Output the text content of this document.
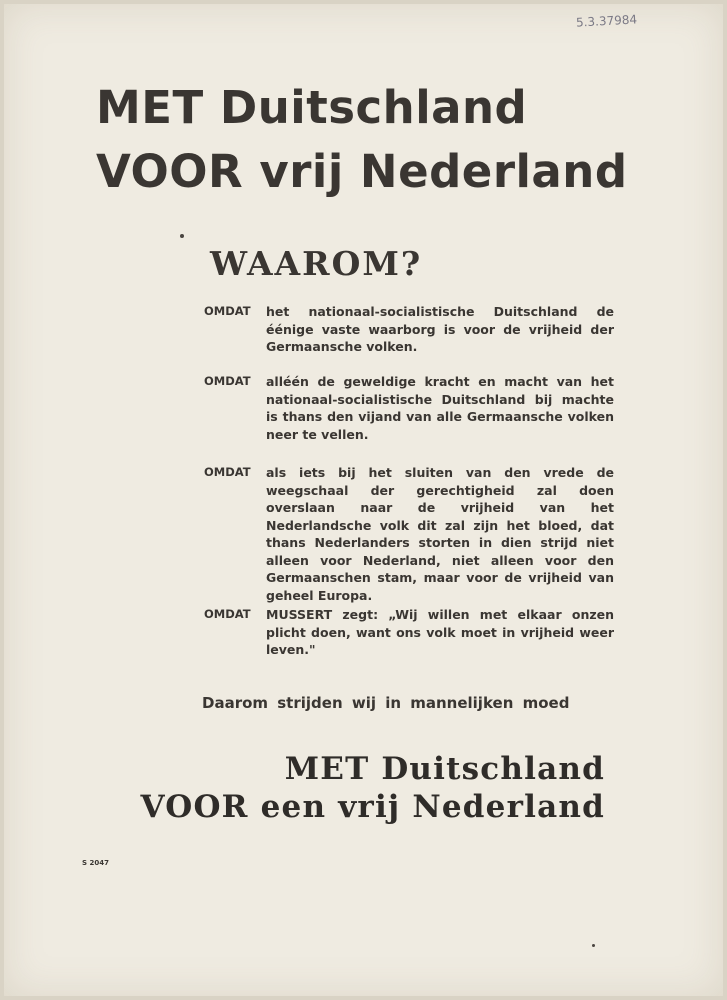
5.3.37984
MET Duitschland
VOOR vrij Nederland
WAAROM?
OMDAT het nationaal-socialistische Duitschland de éénige vaste waarborg is voor de vrijheid der Germaansche volken.
OMDAT alléén de geweldige kracht en macht van het nationaal-socialistische Duitschland bij machte is thans den vijand van alle Germaansche volken neer te vellen.
OMDAT als iets bij het sluiten van den vrede de weegschaal der gerechtigheid zal doen overslaan naar de vrijheid van het Nederlandsche volk dit zal zijn het bloed, dat thans Nederlanders storten in dien strijd niet alleen voor Nederland, niet alleen voor den Germaanschen stam, maar voor de vrijheid van geheel Europa.
OMDAT MUSSERT zegt: „Wij willen met elkaar onzen plicht doen, want ons volk moet in vrijheid weer leven."
Daarom strijden wij in mannelijken moed
MET Duitschland
VOOR een vrij Nederland
S 2047
